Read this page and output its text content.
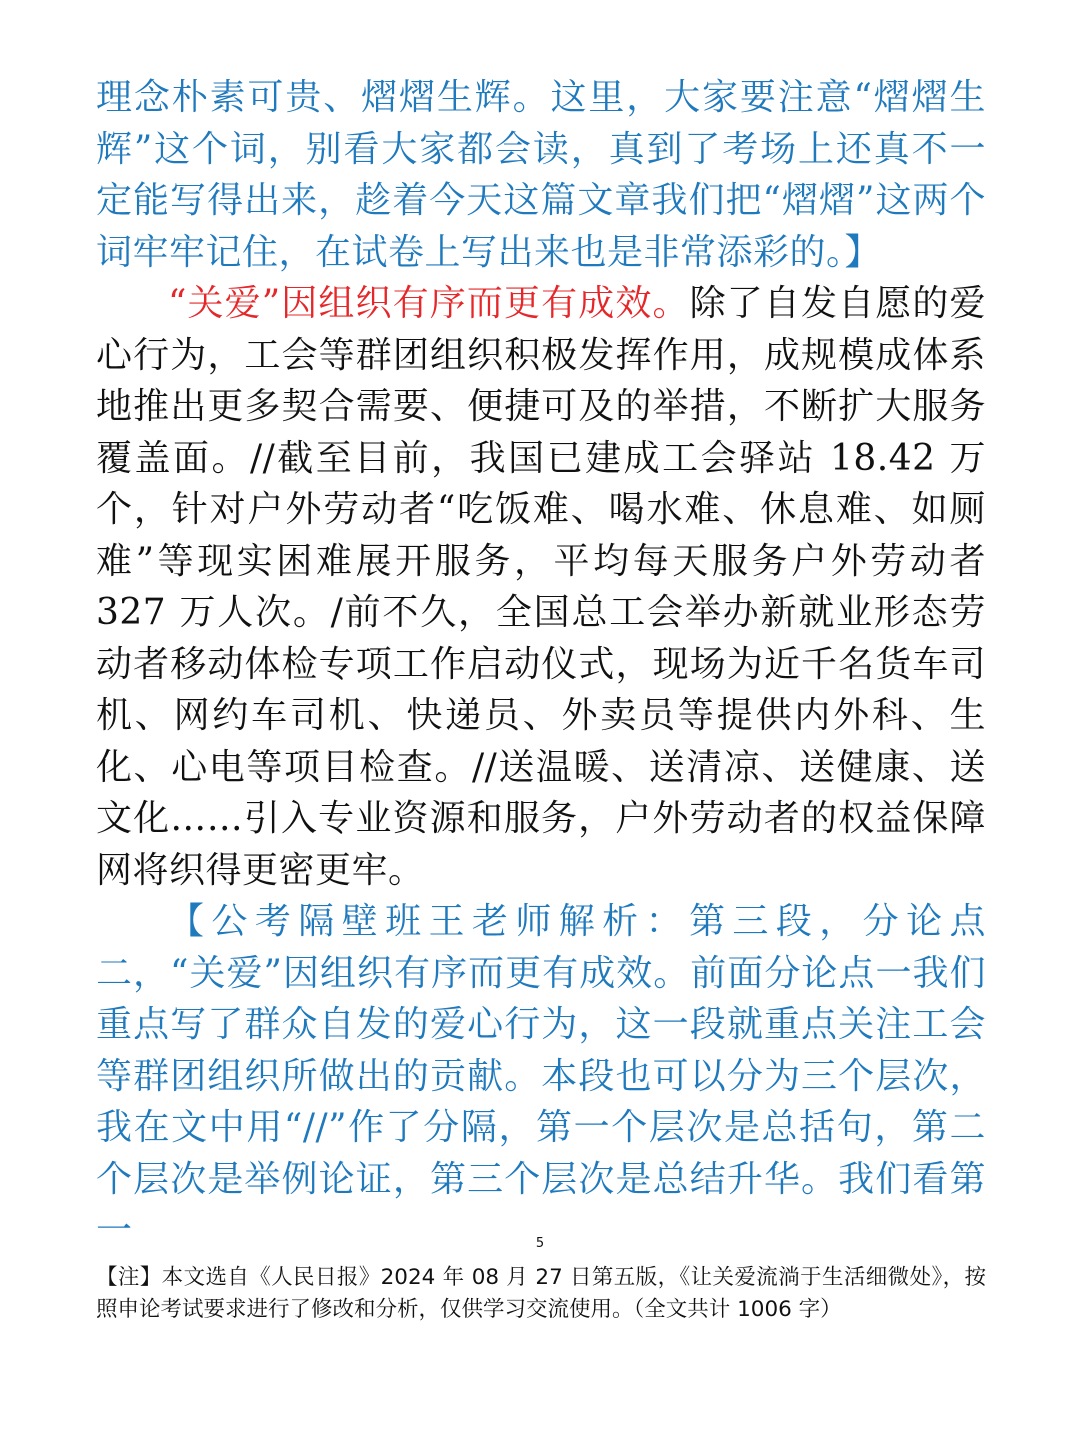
理念朴素可贵、熠熠生辉。这里，大家要注意“熠熠生辉”这个词，别看大家都会读，真到了考场上还真不一定能写得出来，趁着今天这篇文章我们把“熠熠”这两个词牢牢记住，在试卷上写出来也是非常添彩的。】

“关爱”因组织有序而更有成效。除了自发自愿的爱心行为，工会等群团组织积极发挥作用，成规模成体系地推出更多契合需要、便捷可及的举措，不断扩大服务覆盖面。//截至目前，我国已建成工会驿站 18.42 万个，针对户外劳动者“吃饭难、喝水难、休息难、如厕难”等现实困难展开服务，平均每天服务户外劳动者 327 万人次。/前不久，全国总工会举办新就业形态劳动者移动体检专项工作启动仪式，现场为近千名货车司机、网约车司机、快递员、外卖员等提供内外科、生化、心电等项目检查。//送温暖、送清凉、送健康、送文化……引入专业资源和服务，户外劳动者的权益保障网将织得更密更牢。

【公考隔壁班王老师解析：第三段，分论点二，“关爱”因组织有序而更有成效。前面分论点一我们重点写了群众自发的爱心行为，这一段就重点关注工会等群团组织所做出的贡献。本段也可以分为三个层次，我在文中用“//”作了分隔，第一个层次是总括句，第二个层次是举例论证，第三个层次是总结升华。我们看第一	5
【注】本文选自《人民日报》2024 年 08 月 27 日第五版，《让关爱流淌于生活细微处》，按照申论考试要求进行了修改和分析，仅供学习交流使用。（全文共计 1006 字）
